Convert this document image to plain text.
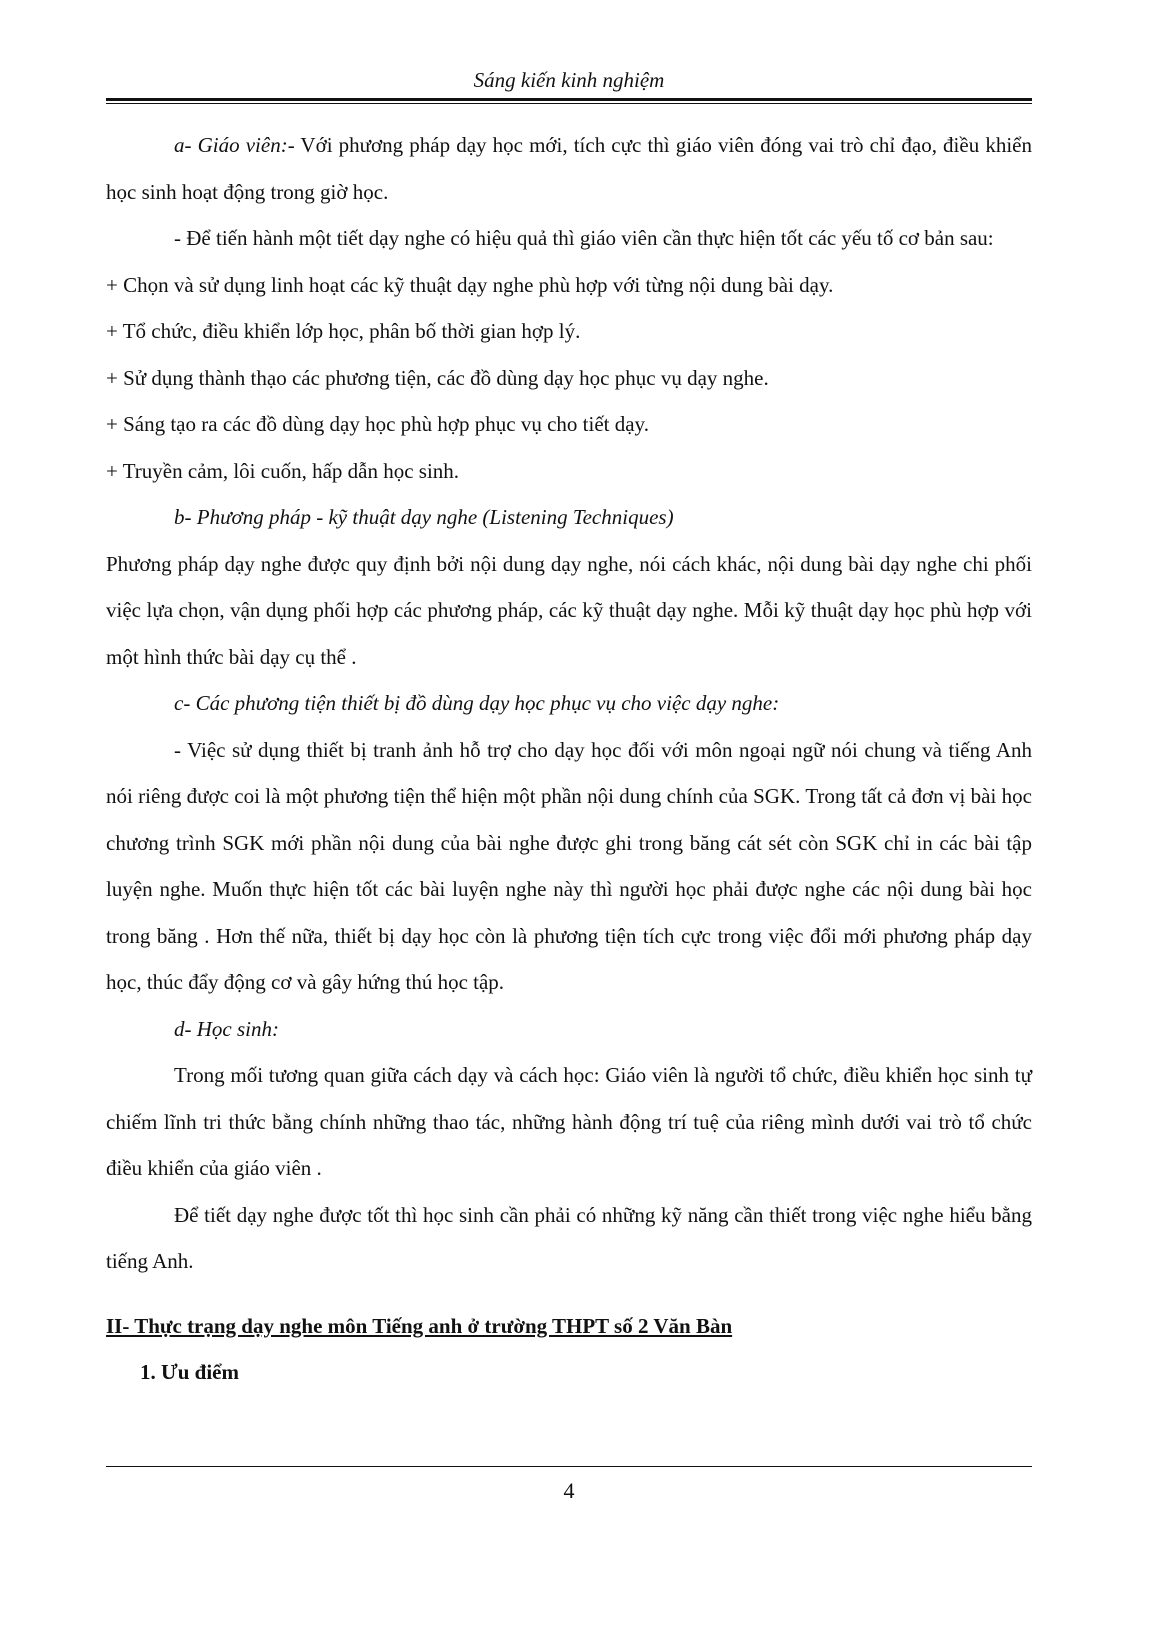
Sáng kiến kinh nghiệm

a- Giáo viên:- Với phương pháp dạy học mới, tích cực thì giáo viên đóng vai trò chỉ đạo, điều khiển học sinh hoạt động trong giờ học.

- Để tiến hành một tiết dạy nghe có hiệu quả thì giáo viên cần thực hiện tốt các yếu tố cơ bản sau:

+ Chọn và sử dụng linh hoạt các kỹ thuật dạy nghe phù hợp với từng nội dung bài dạy.

+ Tổ chức, điều khiển lớp học, phân bố thời gian hợp lý.

+ Sử dụng thành thạo các phương tiện, các đồ dùng dạy học phục vụ dạy nghe.

+ Sáng tạo ra các đồ dùng dạy học phù hợp phục vụ cho tiết dạy.

+ Truyền cảm, lôi cuốn, hấp dẫn học sinh.

b- Phương pháp - kỹ thuật dạy nghe (Listening Techniques)

Phương pháp dạy nghe được quy định bởi nội dung dạy nghe, nói cách khác, nội dung bài dạy nghe chi phối việc lựa chọn, vận dụng phối hợp các phương pháp, các kỹ thuật dạy nghe. Mỗi kỹ thuật dạy học phù hợp với một hình thức bài dạy cụ thể .

c- Các phương tiện thiết bị đồ dùng dạy học phục vụ cho việc dạy nghe:

- Việc sử dụng thiết bị tranh ảnh hỗ trợ cho dạy học đối với môn ngoại ngữ nói chung và tiếng Anh nói riêng được coi là một phương tiện thể hiện một phần nội dung chính của SGK. Trong tất cả đơn vị bài học chương trình SGK mới phần nội dung của bài nghe được ghi trong băng cát sét còn SGK chỉ in các bài tập luyện nghe. Muốn thực hiện tốt các bài luyện nghe này thì người học phải được nghe các nội dung bài học trong băng . Hơn thế nữa, thiết bị dạy học còn là phương tiện tích cực trong việc đổi mới phương pháp dạy học, thúc đẩy động cơ và gây hứng thú học tập.

d- Học sinh:

Trong mối tương quan giữa cách dạy và cách học: Giáo viên là người tổ chức, điều khiển học sinh tự chiếm lĩnh tri thức bằng chính những thao tác, những hành động trí tuệ của riêng mình dưới vai trò tổ chức điều khiển của giáo viên .

Để tiết dạy nghe được tốt thì học sinh cần phải có những kỹ năng cần thiết trong việc nghe hiểu bằng tiếng Anh.

II- Thực trạng dạy nghe môn Tiếng anh ở trường THPT số 2 Văn Bàn

1. Ưu điểm

4
